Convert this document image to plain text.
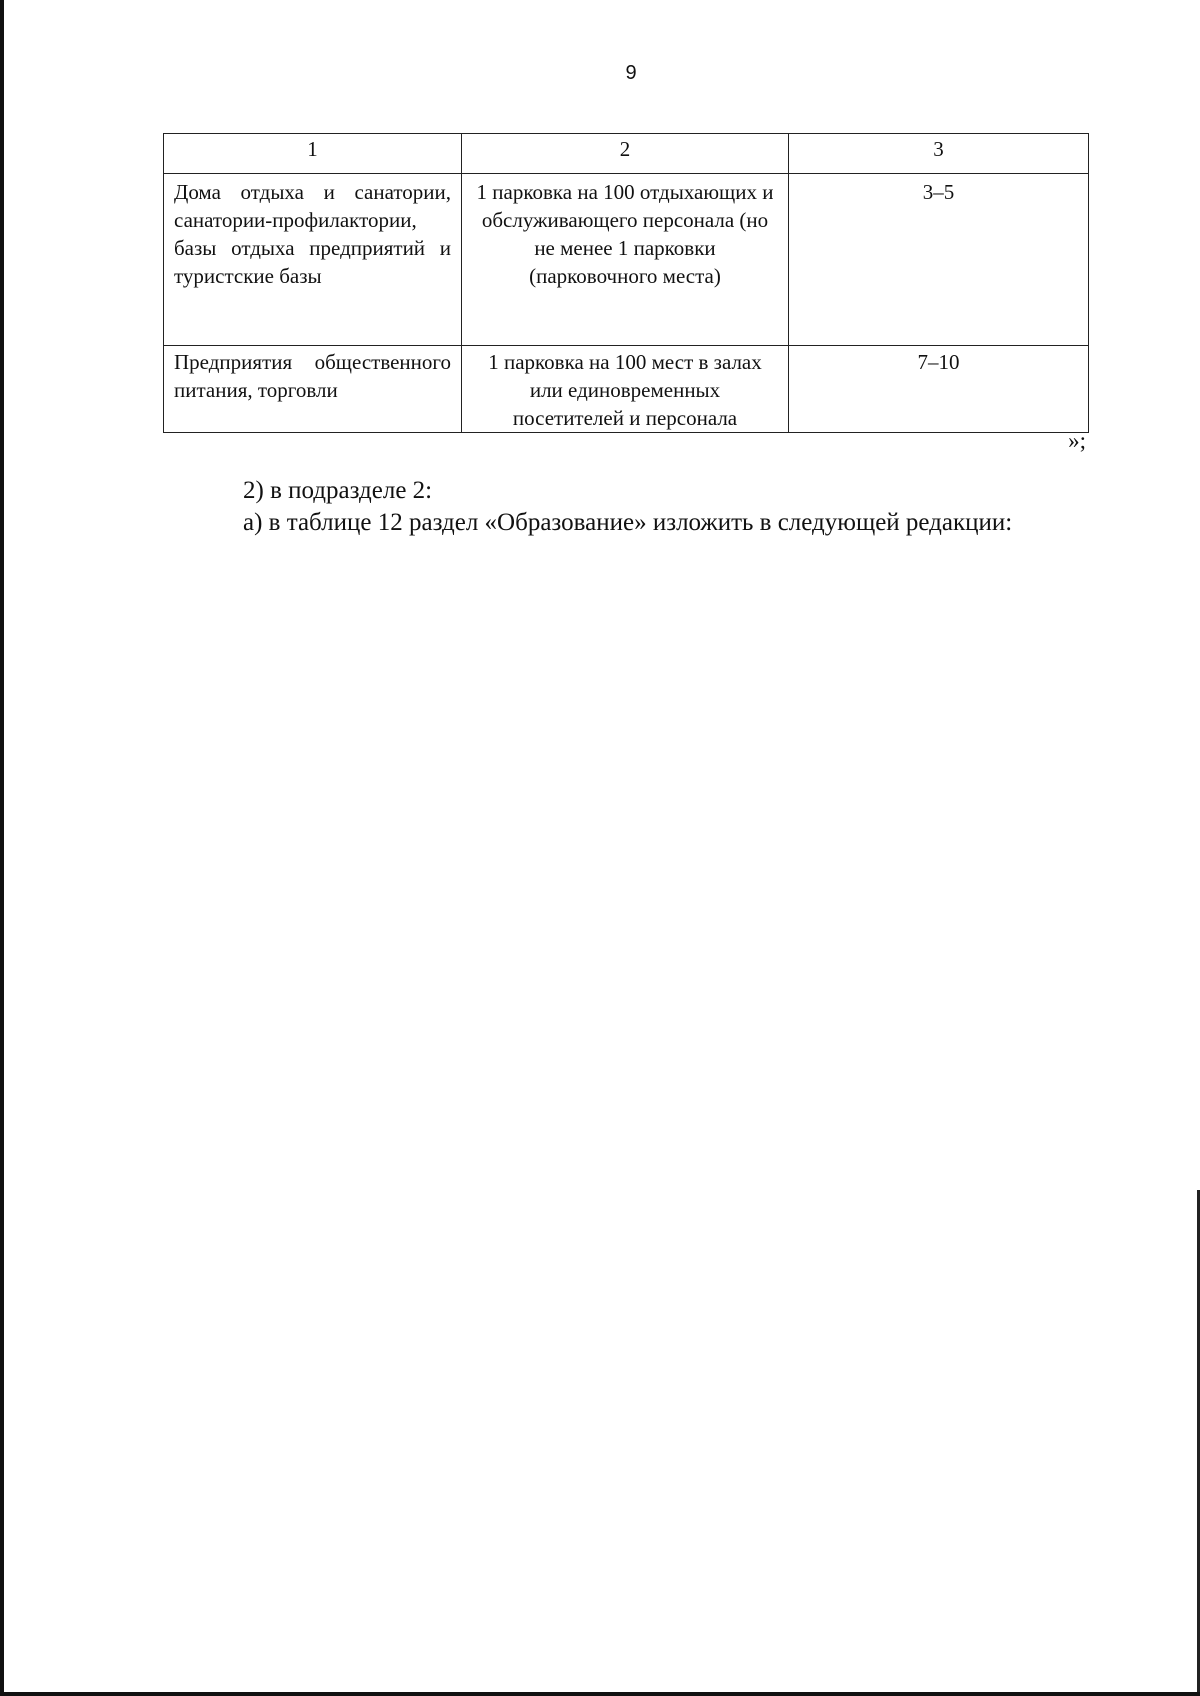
9
1	2	3
Дома отдыха и санатории, санатории-профилактории, базы отдыха предприятий и туристские базы	1 парковка на 100 отдыхающих и обслуживающего персонала (но не менее 1 парковки (парковочного места)	3–5
Предприятия общественного питания, торговли	1 парковка на 100 мест в залах или единовременных посетителей и персонала	7–10
»;
2) в подразделе 2:
а) в таблице 12 раздел «Образование» изложить в следующей редакции:
